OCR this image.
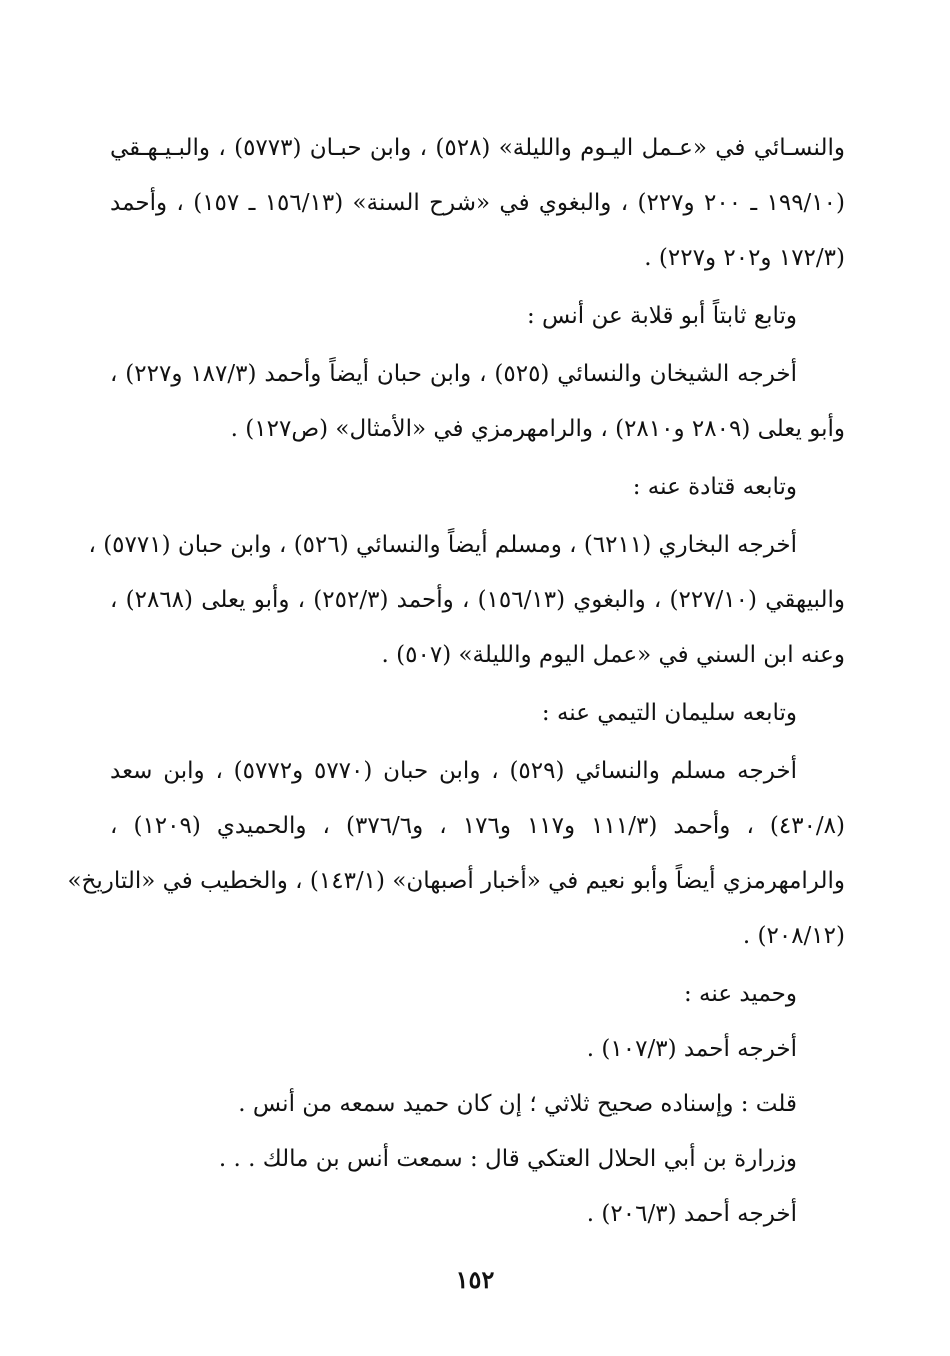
والنسـائي في «عـمل اليـوم والليلة» (٥٢٨) ، وابن حبـان (٥٧٧٣) ، والبـيـهـقي
(١٩٩/١٠ ـ ٢٠٠ و٢٢٧) ، والبغوي في «شرح السنة» (١٥٦/١٣ ـ ١٥٧) ، وأحمد
(١٧٢/٣ و٢٠٢ و٢٢٧) .
وتابع ثابتاً أبو قلابة عن أنس :
أخرجه الشيخان والنسائي (٥٢٥) ، وابن حبان أيضاً وأحمد (١٨٧/٣ و٢٢٧) ،
وأبو يعلى (٢٨٠٩ و٢٨١٠) ، والرامهرمزي في «الأمثال» (ص١٢٧) .
وتابعه قتادة عنه :
أخرجه البخاري (٦٢١١) ، ومسلم أيضاً والنسائي (٥٢٦) ، وابن حبان (٥٧٧١) ،
والبيهقي (٢٢٧/١٠) ، والبغوي (١٥٦/١٣) ، وأحمد (٢٥٢/٣) ، وأبو يعلى (٢٨٦٨) ،
وعنه ابن السني في «عمل اليوم والليلة» (٥٠٧) .
وتابعه سليمان التيمي عنه :
أخرجه مسلم والنسائي (٥٢٩) ، وابن حبان (٥٧٧٠ و٥٧٧٢) ، وابن سعد
(٤٣٠/٨) ، وأحمد (١١١/٣ و١١٧ و١٧٦ ، و٣٧٦/٦) ، والحميدي (١٢٠٩) ،
والرامهرمزي أيضاً وأبو نعيم في «أخبار أصبهان» (١٤٣/١) ، والخطيب في «التاريخ»
(٢٠٨/١٢) .
وحميد عنه :
أخرجه أحمد (١٠٧/٣) .
قلت : وإسناده صحيح ثلاثي ؛ إن كان حميد سمعه من أنس .
وزرارة بن أبي الحلال العتكي قال : سمعت أنس بن مالك . . .
أخرجه أحمد (٢٠٦/٣) .
١٥٢
